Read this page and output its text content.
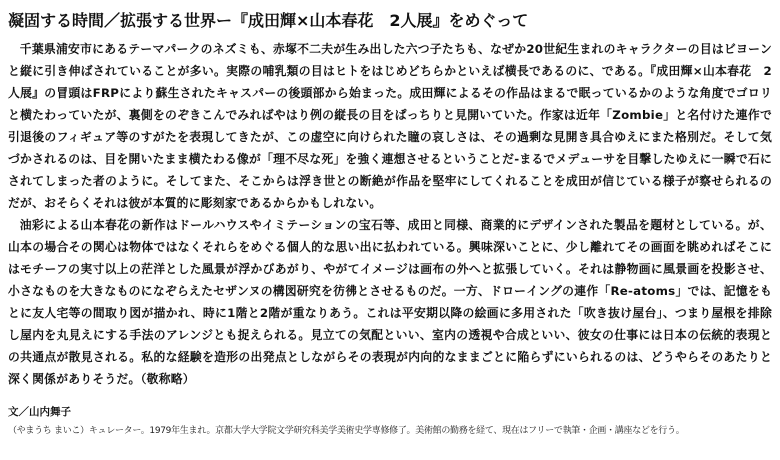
凝固する時間／拡張する世界ー『成田輝×山本春花　2人展』をめぐって

千葉県浦安市にあるテーマパークのネズミも、赤塚不二夫が生み出した六つ子たちも、なぜか20世紀生まれのキャラクターの目はビヨーンと縦に引き伸ばされていることが多い。実際の哺乳類の目はヒトをはじめどちらかといえば横長であるのに、である。『成田輝×山本春花　2人展』の冒頭はFRPにより蘇生されたキャスパーの後頭部から始まった。成田輝によるその作品はまるで眠っているかのような角度でゴロリと横たわっていたが、裏側をのぞきこんでみればやはり例の縦長の目をぱっちりと見開いていた。作家は近年「Zombie」と名付けた連作で引退後のフィギュア等のすがたを表現してきたが、この虚空に向けられた瞳の哀しさは、その過剰な見開き具合ゆえにまた格別だ。そして気づかされるのは、目を開いたまま横たわる像が「理不尽な死」を強く連想させるということだ-まるでメデューサを目撃したゆえに一瞬で石にされてしまった者のように。そしてまた、そこからは浮き世との断絶が作品を堅牢にしてくれることを成田が信じている様子が察せられるのだが、おそらくそれは彼が本質的に彫刻家であるからかもしれない。

油彩による山本春花の新作はドールハウスやイミテーションの宝石等、成田と同様、商業的にデザインされた製品を題材としている。が、山本の場合その関心は物体ではなくそれらをめぐる個人的な思い出に払われている。興味深いことに、少し離れてその画面を眺めればそこにはモチーフの実寸以上の茫洋とした風景が浮かびあがり、やがてイメージは画布の外へと拡張していく。それは静物画に風景画を投影させ、小さなものを大きなものになぞらえたセザンヌの構図研究を彷彿とさせるものだ。一方、ドローイングの連作「Re-atoms」では、記憶をもとに友人宅等の間取り図が描かれ、時に1階と2階が重なりあう。これは平安期以降の絵画に多用された「吹き抜け屋台」、つまり屋根を排除し屋内を丸見えにする手法のアレンジとも捉えられる。見立ての気配といい、室内の透視や合成といい、彼女の仕事には日本の伝統的表現との共通点が散見される。私的な経験を造形の出発点としながらその表現が内向的なままごとに陥らずにいられるのは、どうやらそのあたりと深く関係がありそうだ。（敬称略）

文／山内舞子
（やまうち まいこ）キュレーター。1979年生まれ。京都大学大学院文学研究科美学美術史学専修修了。美術館の勤務を経て、現在はフリーで執筆・企画・講座などを行う。
